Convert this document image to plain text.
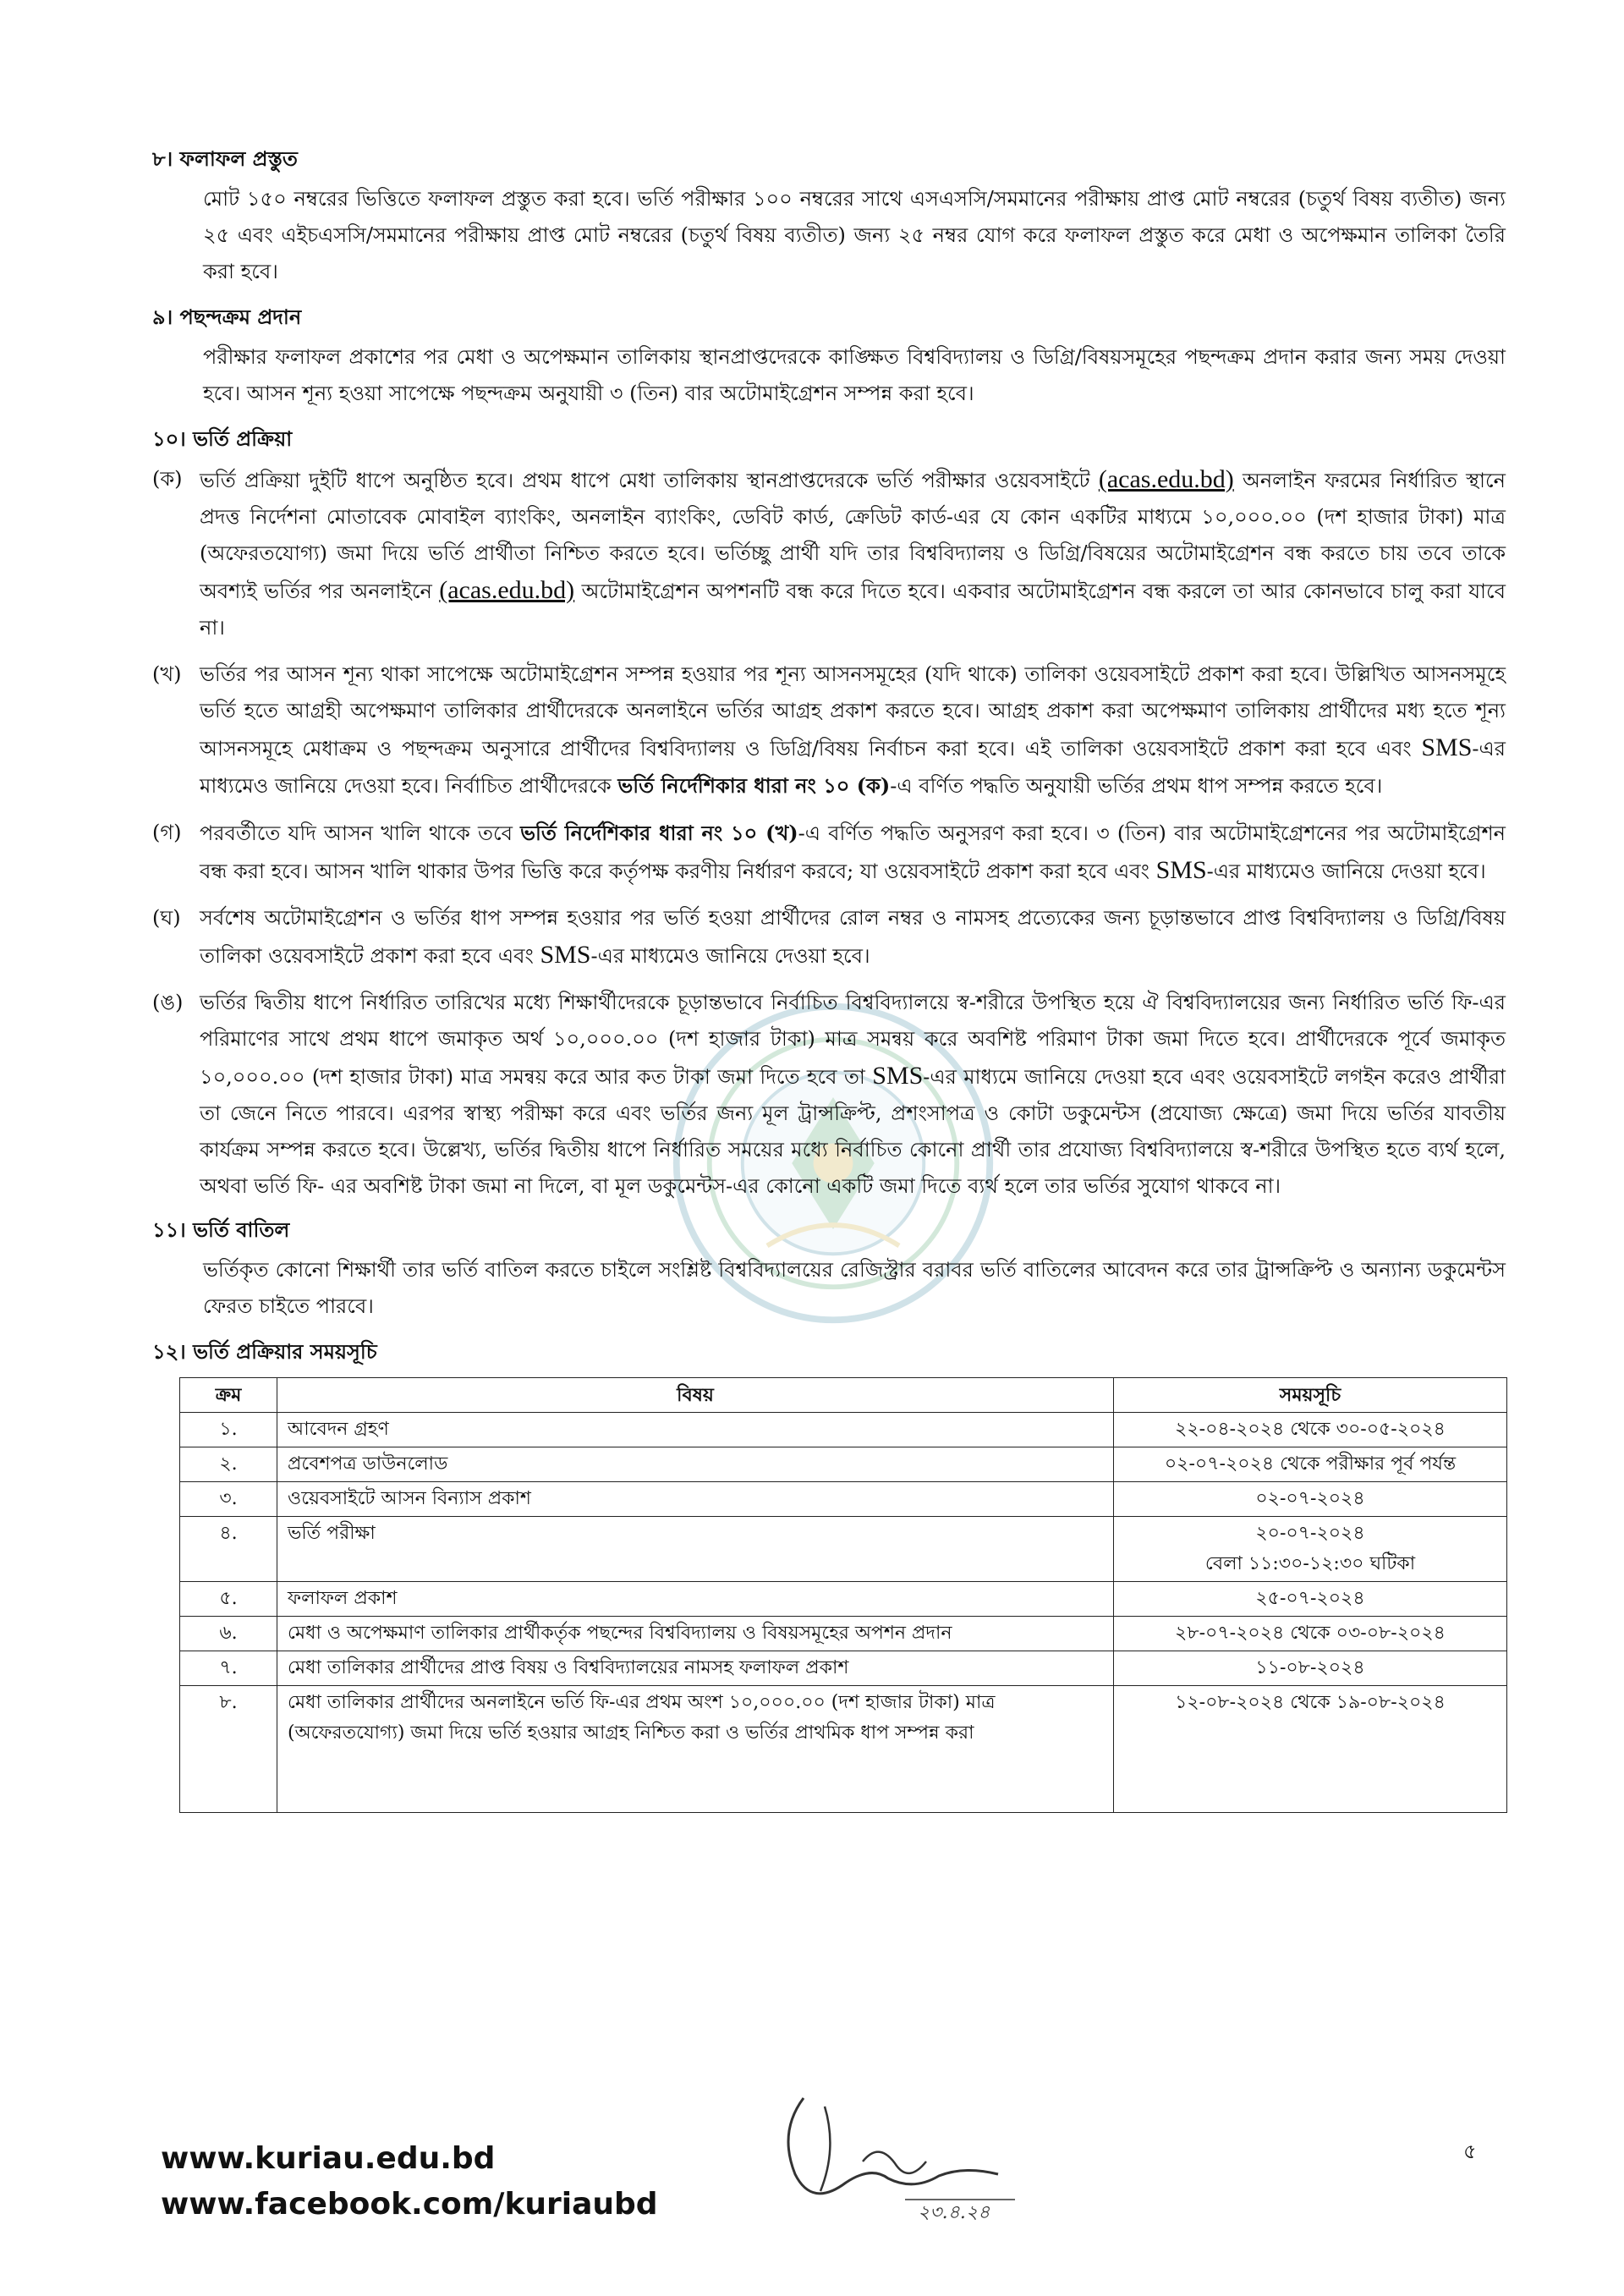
৮। ফলাফল প্রস্তুত
মোট ১৫০ নম্বরের ভিত্তিতে ফলাফল প্রস্তুত করা হবে। ভর্তি পরীক্ষার ১০০ নম্বরের সাথে এসএসসি/সমমানের পরীক্ষায় প্রাপ্ত মোট নম্বরের (চতুর্থ বিষয় ব্যতীত) জন্য ২৫ এবং এইচএসসি/সমমানের পরীক্ষায় প্রাপ্ত মোট নম্বরের (চতুর্থ বিষয় ব্যতীত) জন্য ২৫ নম্বর যোগ করে ফলাফল প্রস্তুত করে মেধা ও অপেক্ষমান তালিকা তৈরি করা হবে।
৯। পছন্দক্রম প্রদান
পরীক্ষার ফলাফল প্রকাশের পর মেধা ও অপেক্ষমান তালিকায় স্থানপ্রাপ্তদেরকে কাঙ্ক্ষিত বিশ্ববিদ্যালয় ও ডিগ্রি/বিষয়সমূহের পছন্দক্রম প্রদান করার জন্য সময় দেওয়া হবে। আসন শূন্য হওয়া সাপেক্ষে পছন্দক্রম অনুযায়ী ৩ (তিন) বার অটোমাইগ্রেশন সম্পন্ন করা হবে।
১০। ভর্তি প্রক্রিয়া
(ক) ভর্তি প্রক্রিয়া দুইটি ধাপে অনুষ্ঠিত হবে। প্রথম ধাপে মেধা তালিকায় স্থানপ্রাপ্তদেরকে ভর্তি পরীক্ষার ওয়েবসাইটে (acas.edu.bd) অনলাইন ফরমের নির্ধারিত স্থানে প্রদত্ত নির্দেশনা মোতাবেক মোবাইল ব্যাংকিং, অনলাইন ব্যাংকিং, ডেবিট কার্ড, ক্রেডিট কার্ড-এর যে কোন একটির মাধ্যমে ১০,০০০.০০ (দশ হাজার টাকা) মাত্র (অফেরতযোগ্য) জমা দিয়ে ভর্তি প্রার্থীতা নিশ্চিত করতে হবে। ভর্তিচ্ছু প্রার্থী যদি তার বিশ্ববিদ্যালয় ও ডিগ্রি/বিষয়ের অটোমাইগ্রেশন বন্ধ করতে চায় তবে তাকে অবশ্যই ভর্তির পর অনলাইনে (acas.edu.bd) অটোমাইগ্রেশন অপশনটি বন্ধ করে দিতে হবে। একবার অটোমাইগ্রেশন বন্ধ করলে তা আর কোনভাবে চালু করা যাবে না।
(খ) ভর্তির পর আসন শূন্য থাকা সাপেক্ষে অটোমাইগ্রেশন সম্পন্ন হওয়ার পর শূন্য আসনসমূহের (যদি থাকে) তালিকা ওয়েবসাইটে প্রকাশ করা হবে। উল্লিখিত আসনসমূহে ভর্তি হতে আগ্রহী অপেক্ষমাণ তালিকার প্রার্থীদেরকে অনলাইনে ভর্তির আগ্রহ প্রকাশ করতে হবে। আগ্রহ প্রকাশ করা অপেক্ষমাণ তালিকায় প্রার্থীদের মধ্য হতে শূন্য আসনসমূহে মেধাক্রম ও পছন্দক্রম অনুসারে প্রার্থীদের বিশ্ববিদ্যালয় ও ডিগ্রি/বিষয় নির্বাচন করা হবে। এই তালিকা ওয়েবসাইটে প্রকাশ করা হবে এবং SMS-এর মাধ্যমেও জানিয়ে দেওয়া হবে। নির্বাচিত প্রার্থীদেরকে ভর্তি নির্দেশিকার ধারা নং ১০ (ক)-এ বর্ণিত পদ্ধতি অনুযায়ী ভর্তির প্রথম ধাপ সম্পন্ন করতে হবে।
(গ) পরবর্তীতে যদি আসন খালি থাকে তবে ভর্তি নির্দেশিকার ধারা নং ১০ (খ)-এ বর্ণিত পদ্ধতি অনুসরণ করা হবে। ৩ (তিন) বার অটোমাইগ্রেশনের পর অটোমাইগ্রেশন বন্ধ করা হবে। আসন খালি থাকার উপর ভিত্তি করে কর্তৃপক্ষ করণীয় নির্ধারণ করবে; যা ওয়েবসাইটে প্রকাশ করা হবে এবং SMS-এর মাধ্যমেও জানিয়ে দেওয়া হবে।
(ঘ) সর্বশেষ অটোমাইগ্রেশন ও ভর্তির ধাপ সম্পন্ন হওয়ার পর ভর্তি হওয়া প্রার্থীদের রোল নম্বর ও নামসহ প্রত্যেকের জন্য চূড়ান্তভাবে প্রাপ্ত বিশ্ববিদ্যালয় ও ডিগ্রি/বিষয় তালিকা ওয়েবসাইটে প্রকাশ করা হবে এবং SMS-এর মাধ্যমেও জানিয়ে দেওয়া হবে।
(ঙ) ভর্তির দ্বিতীয় ধাপে নির্ধারিত তারিখের মধ্যে শিক্ষার্থীদেরকে চূড়ান্তভাবে নির্বাচিত বিশ্ববিদ্যালয়ে স্ব-শরীরে উপস্থিত হয়ে ঐ বিশ্ববিদ্যালয়ের জন্য নির্ধারিত ভর্তি ফি-এর পরিমাণের সাথে প্রথম ধাপে জমাকৃত অর্থ ১০,০০০.০০ (দশ হাজার টাকা) মাত্র সমন্বয় করে অবশিষ্ট পরিমাণ টাকা জমা দিতে হবে। প্রার্থীদেরকে পূর্বে জমাকৃত ১০,০০০.০০ (দশ হাজার টাকা) মাত্র সমন্বয় করে আর কত টাকা জমা দিতে হবে তা SMS-এর মাধ্যমে জানিয়ে দেওয়া হবে এবং ওয়েবসাইটে লগইন করেও প্রার্থীরা তা জেনে নিতে পারবে। এরপর স্বাস্থ্য পরীক্ষা করে এবং ভর্তির জন্য মূল ট্রান্সক্রিপ্ট, প্রশংসাপত্র ও কোটা ডকুমেন্টস (প্রযোজ্য ক্ষেত্রে) জমা দিয়ে ভর্তির যাবতীয় কার্যক্রম সম্পন্ন করতে হবে। উল্লেখ্য, ভর্তির দ্বিতীয় ধাপে নির্ধারিত সময়ের মধ্যে নির্বাচিত কোনো প্রার্থী তার প্রযোজ্য বিশ্ববিদ্যালয়ে স্ব-শরীরে উপস্থিত হতে ব্যর্থ হলে, অথবা ভর্তি ফি- এর অবশিষ্ট টাকা জমা না দিলে, বা মূল ডকুমেন্টস-এর কোনো একটি জমা দিতে ব্যর্থ হলে তার ভর্তির সুযোগ থাকবে না।
১১। ভর্তি বাতিল
ভর্তিকৃত কোনো শিক্ষার্থী তার ভর্তি বাতিল করতে চাইলে সংশ্লিষ্ট বিশ্ববিদ্যালয়ের রেজিস্ট্রার বরাবর ভর্তি বাতিলের আবেদন করে তার ট্রান্সক্রিপ্ট ও অন্যান্য ডকুমেন্টস ফেরত চাইতে পারবে।
১২। ভর্তি প্রক্রিয়ার সময়সূচি
ক্রম	বিষয়	সময়সূচি
১.	আবেদন গ্রহণ	২২-০৪-২০২৪ থেকে ৩০-০৫-২০২৪
২.	প্রবেশপত্র ডাউনলোড	০২-০৭-২০২৪ থেকে পরীক্ষার পূর্ব পর্যন্ত
৩.	ওয়েবসাইটে আসন বিন্যাস প্রকাশ	০২-০৭-২০২৪
৪.	ভর্তি পরীক্ষা	২০-০৭-২০২৪
বেলা ১১:৩০-১২:৩০ ঘটিকা

৫.	ফলাফল প্রকাশ	২৫-০৭-২০২৪
৬.	মেধা ও অপেক্ষমাণ তালিকার প্রার্থীকর্তৃক পছন্দের বিশ্ববিদ্যালয় ও বিষয়সমূহের অপশন প্রদান	২৮-০৭-২০২৪ থেকে ০৩-০৮-২০২৪
৭.	মেধা তালিকার প্রার্থীদের প্রাপ্ত বিষয় ও বিশ্ববিদ্যালয়ের নামসহ ফলাফল প্রকাশ	১১-০৮-২০২৪
৮.	মেধা তালিকার প্রার্থীদের অনলাইনে ভর্তি ফি-এর প্রথম অংশ ১০,০০০.০০ (দশ হাজার টাকা) মাত্র (অফেরতযোগ্য) জমা দিয়ে ভর্তি হওয়ার আগ্রহ নিশ্চিত করা ও ভর্তির প্রাথমিক ধাপ সম্পন্ন করা	১২-০৮-২০২৪ থেকে ১৯-০৮-২০২৪
www.kuriau.edu.bd
www.facebook.com/kuriaubd	২৩.৪.২৪
৫
